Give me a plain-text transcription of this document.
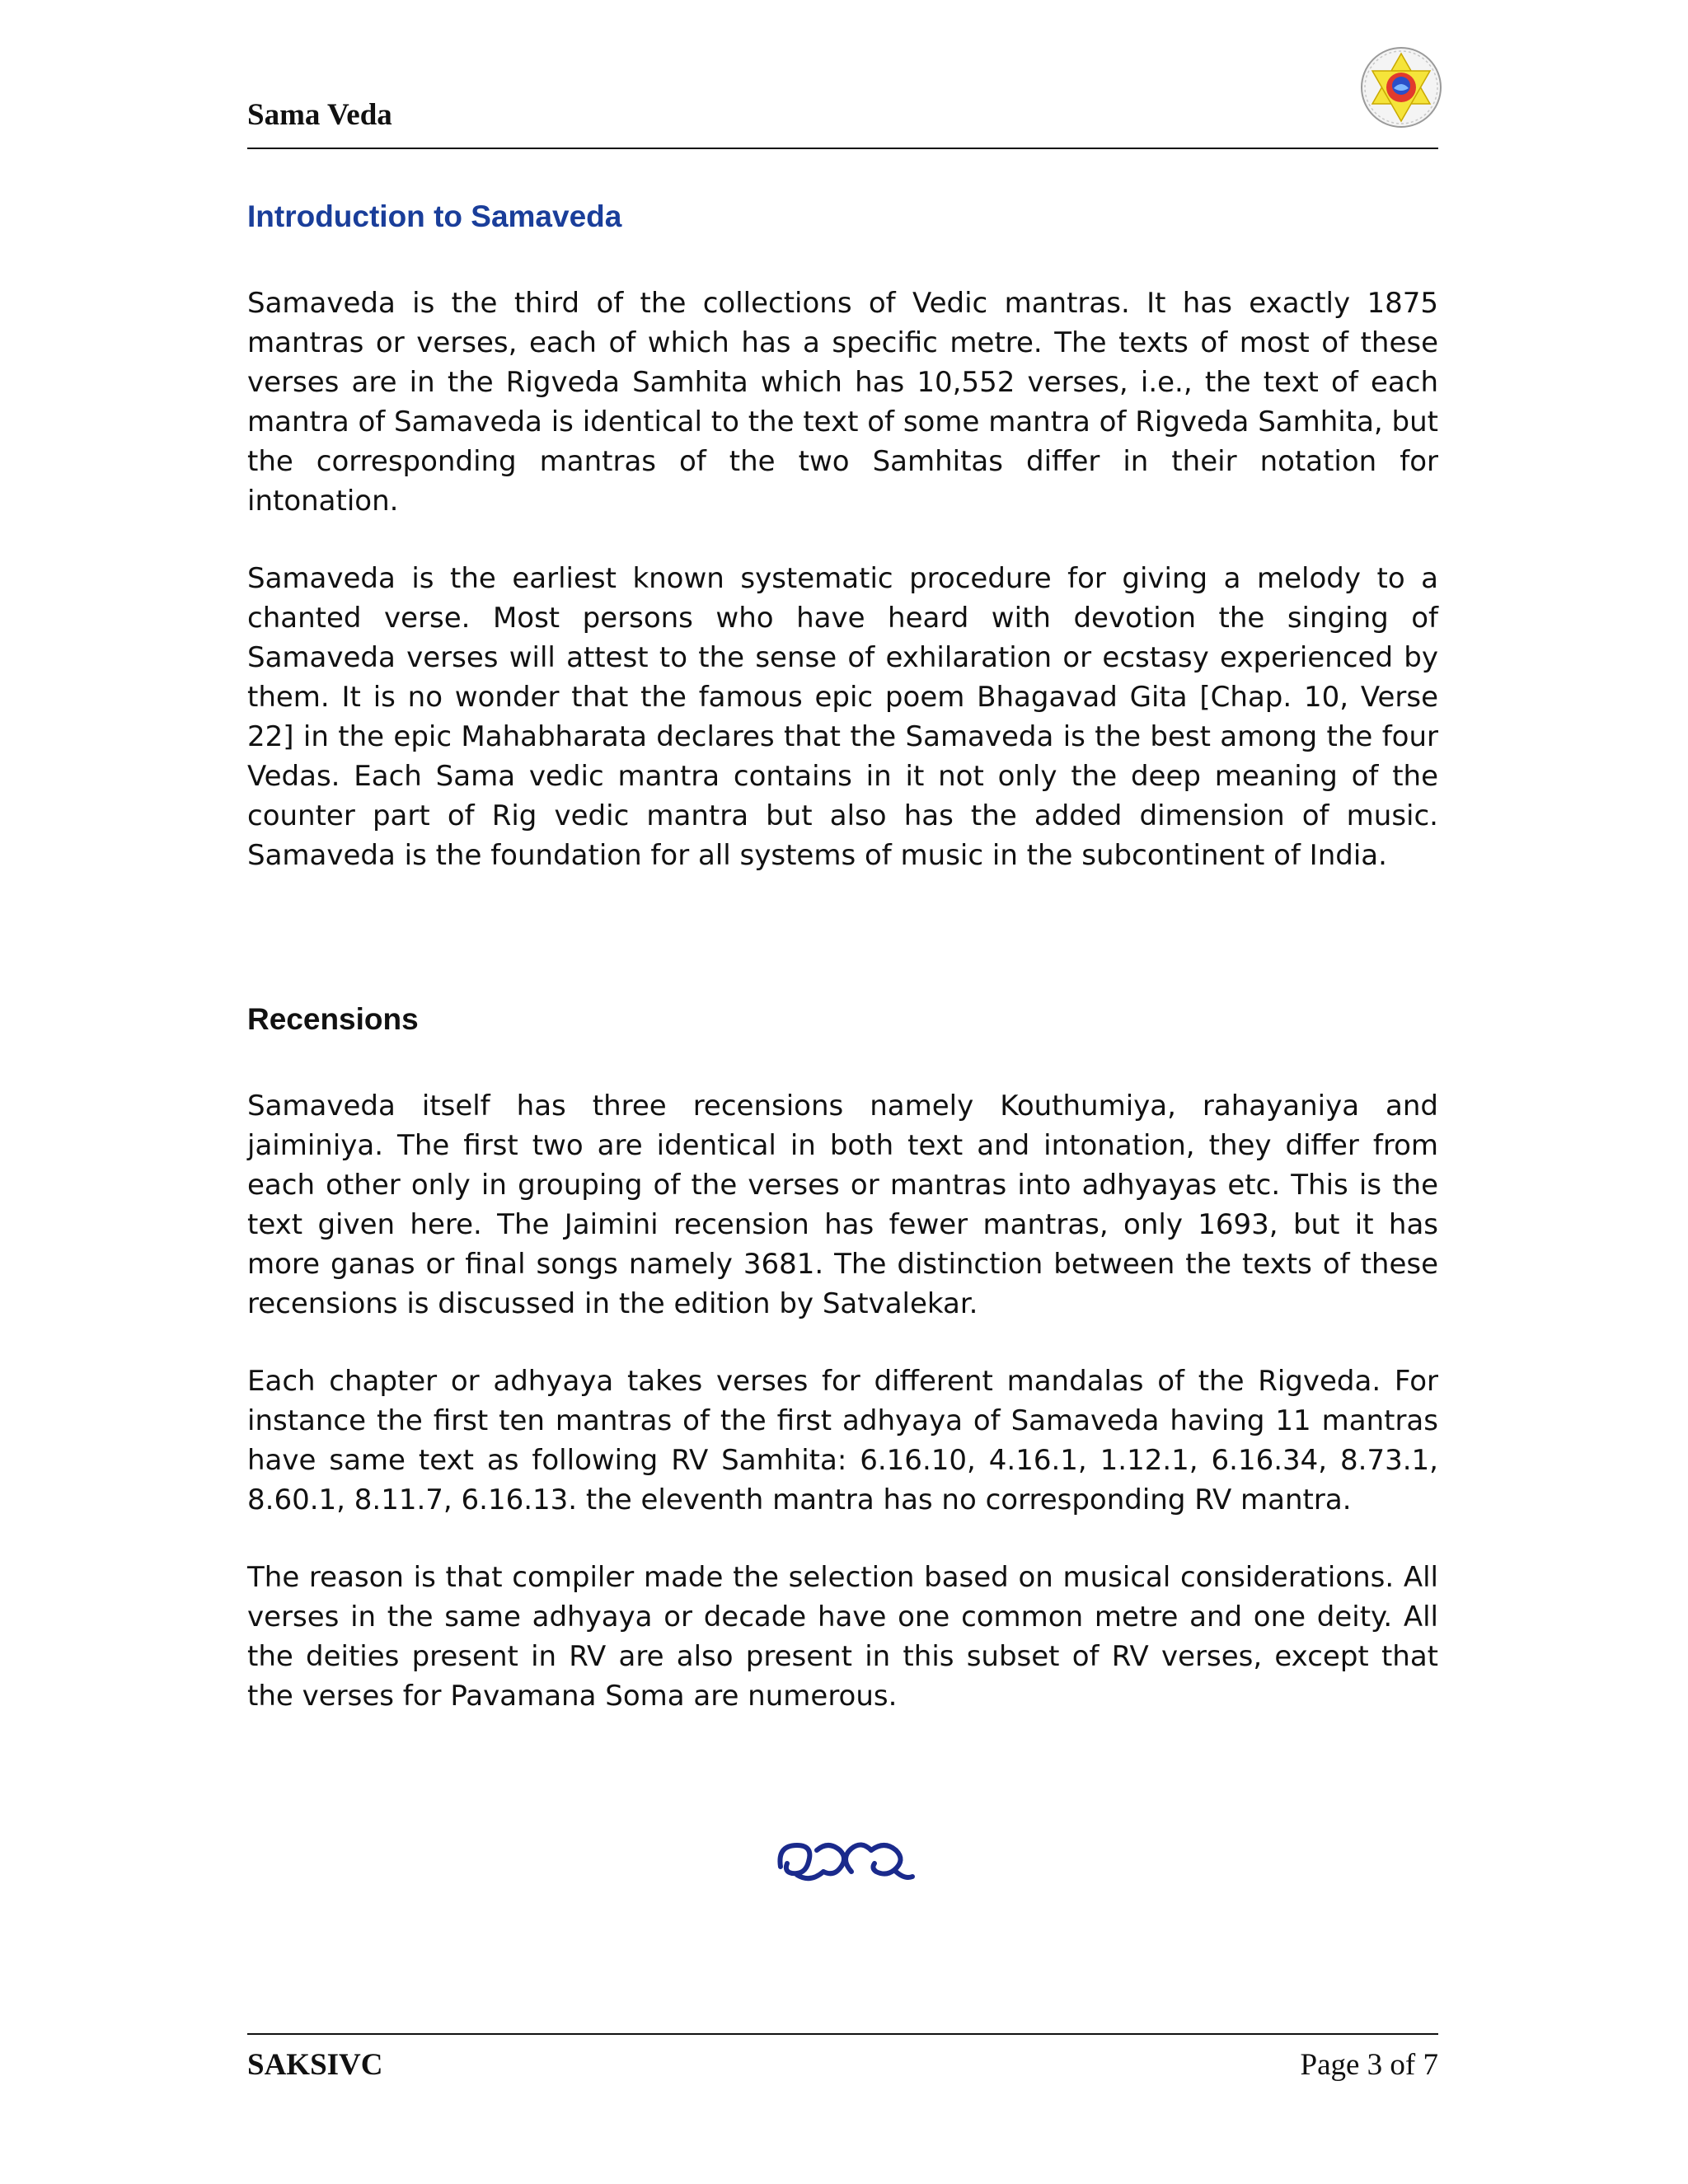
Sama Veda
Introduction to Samaveda

Samaveda is the third of the collections of Vedic mantras. It has exactly 1875 mantras or verses, each of which has a specific metre. The texts of most of these verses are in the Rigveda Samhita which has 10,552 verses, i.e., the text of each mantra of Samaveda is identical to the text of some mantra of Rigveda Samhita, but the corresponding mantras of the two Samhitas differ in their notation for intonation.

Samaveda is the earliest known systematic procedure for giving a melody to a chanted verse. Most persons who have heard with devotion the singing of Samaveda verses will attest to the sense of exhilaration or ecstasy experienced by them. It is no wonder that the famous epic poem Bhagavad Gita [Chap. 10, Verse 22] in the epic Mahabharata declares that the Samaveda is the best among the four Vedas. Each Sama vedic mantra contains in it not only the deep meaning of the counter part of Rig vedic mantra but also has the added dimension of music. Samaveda is the foundation for all systems of music in the subcontinent of India.

Recensions

Samaveda itself has three recensions namely Kouthumiya, rahayaniya and jaiminiya. The first two are identical in both text and intonation, they differ from each other only in grouping of the verses or mantras into adhyayas etc. This is the text given here. The Jaimini recension has fewer mantras, only 1693, but it has more ganas or final songs namely 3681. The distinction between the texts of these recensions is discussed in the edition by Satvalekar.

Each chapter or adhyaya takes verses for different mandalas of the Rigveda. For instance the first ten mantras of the first adhyaya of Samaveda having 11 mantras have same text as following RV Samhita: 6.16.10, 4.16.1, 1.12.1, 6.16.34, 8.73.1, 8.60.1, 8.11.7, 6.16.13. the eleventh mantra has no corresponding RV mantra.

The reason is that compiler made the selection based on musical considerations. All verses in the same adhyaya or decade have one common metre and one deity. All the deities present in RV are also present in this subset of RV verses, except that the verses for Pavamana Soma are numerous.

SAKSIVC	Page 3 of 7
